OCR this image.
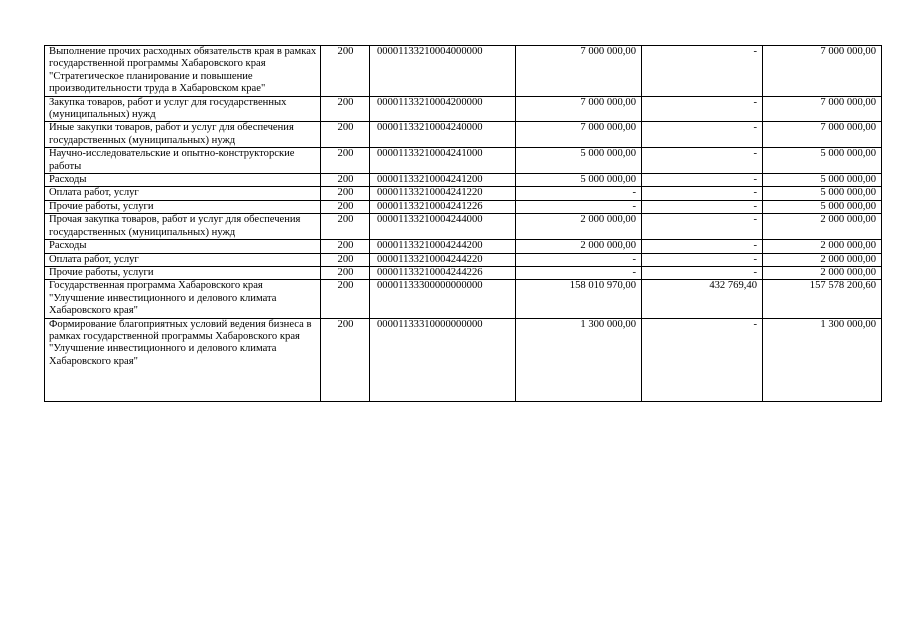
Выполнение прочих расходных обязательств края в рамках государственной программы Хабаровского края "Стратегическое планирование и повышение производительности труда в Хабаровском крае"	200	00001133210004000000	7 000 000,00	-	7 000 000,00
Закупка товаров, работ и услуг для государственных (муниципальных) нужд	200	00001133210004200000	7 000 000,00	-	7 000 000,00
Иные закупки товаров, работ и услуг для обеспечения государственных (муниципальных) нужд	200	00001133210004240000	7 000 000,00	-	7 000 000,00
Научно-исследовательские и опытно-конструкторские работы	200	00001133210004241000	5 000 000,00	-	5 000 000,00
Расходы	200	00001133210004241200	5 000 000,00	-	5 000 000,00
Оплата работ, услуг	200	00001133210004241220	-	-	5 000 000,00
Прочие работы, услуги	200	00001133210004241226	-	-	5 000 000,00
Прочая закупка товаров, работ и услуг для обеспечения государственных (муниципальных) нужд	200	00001133210004244000	2 000 000,00	-	2 000 000,00
Расходы	200	00001133210004244200	2 000 000,00	-	2 000 000,00
Оплата работ, услуг	200	00001133210004244220	-	-	2 000 000,00
Прочие работы, услуги	200	00001133210004244226	-	-	2 000 000,00
Государственная программа Хабаровского края "Улучшение инвестиционного и делового климата Хабаровского края"	200	00001133300000000000	158 010 970,00	432 769,40	157 578 200,60
Формирование благоприятных условий ведения бизнеса в рамках государственной программы Хабаровского края "Улучшение инвестиционного и делового климата Хабаровского края"	200	00001133310000000000	1 300 000,00	-	1 300 000,00
